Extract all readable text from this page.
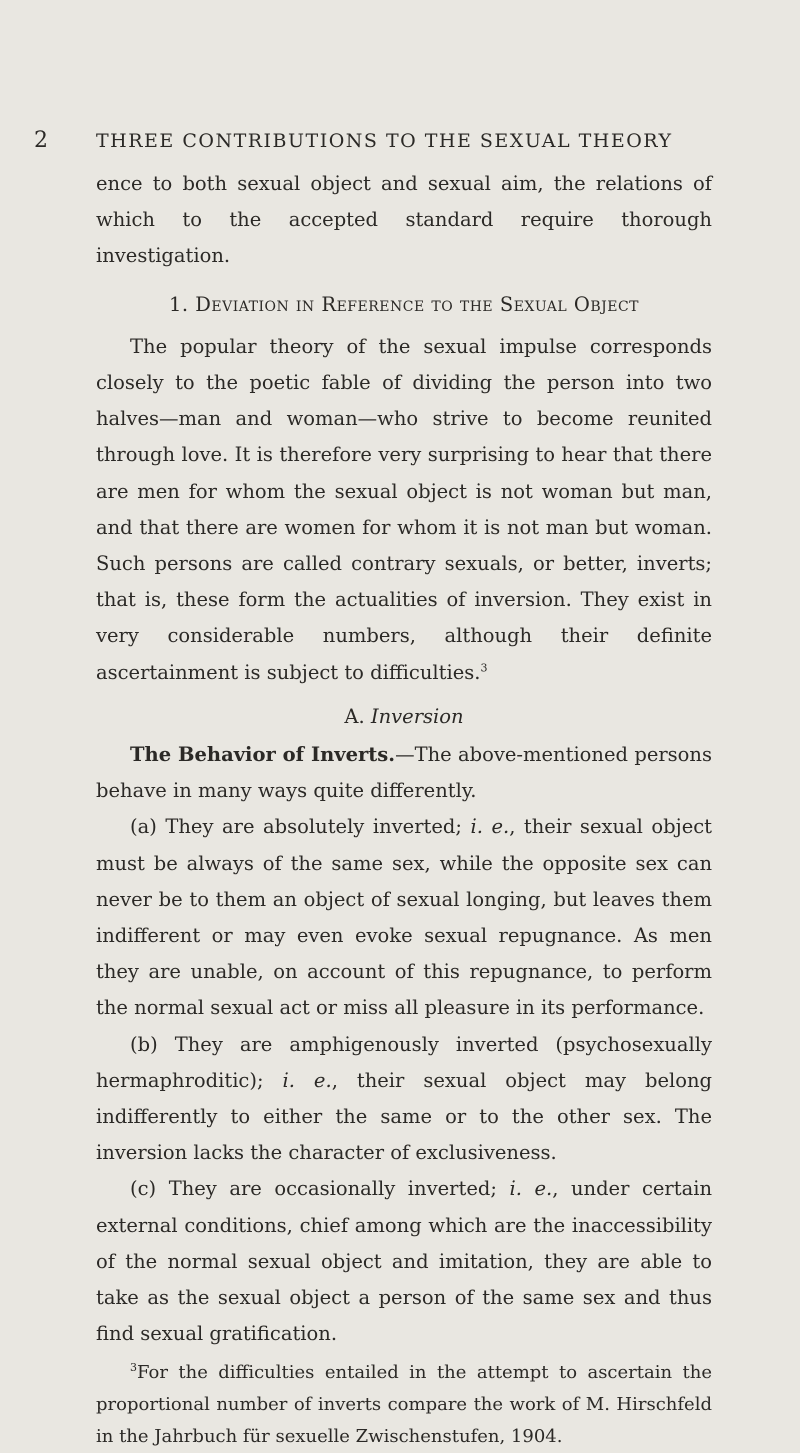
2 THREE CONTRIBUTIONS TO THE SEXUAL THEORY

ence to both sexual object and sexual aim, the relations of which to the accepted standard require thorough investigation.

1. Deviation in Reference to the Sexual Object

The popular theory of the sexual impulse corresponds closely to the poetic fable of dividing the person into two halves—man and woman—who strive to become reunited through love. It is therefore very surprising to hear that there are men for whom the sexual object is not woman but man, and that there are women for whom it is not man but woman. Such persons are called contrary sexuals, or better, inverts; that is, these form the actualities of inversion. They exist in very considerable numbers, although their definite ascertainment is subject to difficulties.$^3$

A. Inversion

The Behavior of Inverts.—The above-mentioned persons behave in many ways quite differently.

(a) They are absolutely inverted; i. e., their sexual object must be always of the same sex, while the opposite sex can never be to them an object of sexual longing, but leaves them indifferent or may even evoke sexual repugnance. As men they are unable, on account of this repugnance, to perform the normal sexual act or miss all pleasure in its performance.

(b) They are amphigenously inverted (psychosexually hermaphroditic); i. e., their sexual object may belong indifferently to either the same or to the other sex. The inversion lacks the character of exclusiveness.

(c) They are occasionally inverted; i. e., under certain external conditions, chief among which are the inaccessibility of the normal sexual object and imitation, they are able to take as the sexual object a person of the same sex and thus find sexual gratification.

$^3$For the difficulties entailed in the attempt to ascertain the proportional number of inverts compare the work of M. Hirschfeld in the Jahrbuch für sexuelle Zwischenstufen, 1904.
